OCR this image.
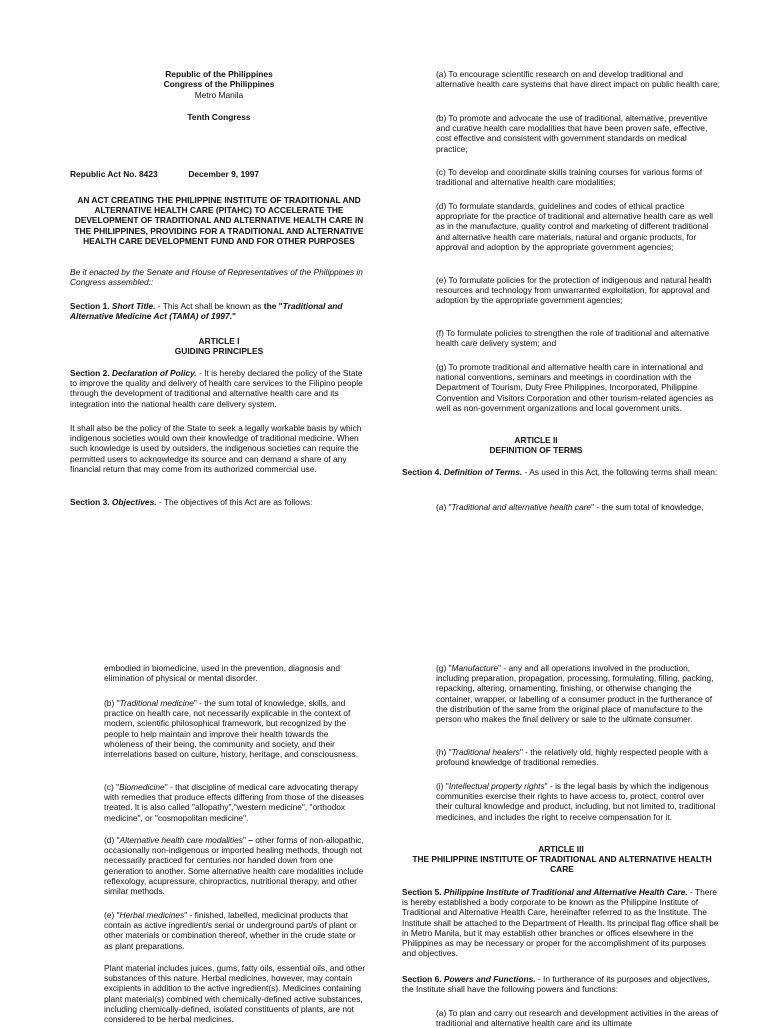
Republic of the Philippines
Congress of the Philippines
Metro Manila
Tenth Congress
Republic Act No. 8423	December 9, 1997
AN ACT CREATING THE PHILIPPINE INSTITUTE OF TRADITIONAL AND ALTERNATIVE HEALTH CARE (PITAHC) TO ACCELERATE THE DEVELOPMENT OF TRADITIONAL AND ALTERNATIVE HEALTH CARE IN THE PHILIPPINES, PROVIDING FOR A TRADITIONAL AND ALTERNATIVE HEALTH CARE DEVELOPMENT FUND AND FOR OTHER PURPOSES
Be it enacted by the Senate and House of Representatives of the Philippines in Congress assembled::
Section 1. Short Title. - This Act shall be known as the "Traditional and Alternative Medicine Act (TAMA) of 1997."
ARTICLE I
GUIDING PRINCIPLES
Section 2. Declaration of Policy. - It is hereby declared the policy of the State to improve the quality and delivery of health care services to the Filipino people through the development of traditional and alternative health care and its integration into the national health care delivery system.
It shall also be the policy of the State to seek a legally workable basis by which indigenous societies would own their knowledge of traditional medicine. When such knowledge is used by outsiders, the indigenous societies can require the permitted users to acknowledge its source and can demand a share of any financial return that may come from its authorized commercial use.
Section 3. Objectives. - The objectives of this Act are as follows:
(a) To encourage scientific research on and develop traditional and alternative health care systems that have direct impact on public health care;
(b) To promote and advocate the use of traditional, alternative, preventive and curative health care modalities that have been proven safe, effective, cost effective and consistent with government standards on medical practice;
(c) To develop and coordinate skills training courses for various forms of traditional and alternative health care modalities;
(d) To formulate standards, guidelines and codes of ethical practice appropriate for the practice of traditional and alternative health care as well as in the manufacture, quality control and marketing of different traditional and alternative health care materials, natural and organic products, for approval and adoption by the appropriate government agencies;
(e) To formulate policies for the protection of indigenous and natural health resources and technology from unwarranted exploitation, for approval and adoption by the appropriate government agencies;
(f) To formulate policies to strengthen the role of traditional and alternative health care delivery system; and
(g) To promote traditional and alternative health care in international and national conventions, seminars and meetings in coordination with the Department of Tourism, Duty Free Philippines, Incorporated, Philippine Convention and Visitors Corporation and other tourism-related agencies as well as non-government organizations and local government units.
ARTICLE II
DEFINITION OF TERMS
Section 4. Definition of Terms. - As used in this Act, the following terms shall mean:
(a) "Traditional and alternative health care" - the sum total of knowledge,
embodied in biomedicine, used in the prevention, diagnosis and elimination of physical or mental disorder.
(b) "Traditional medicine" - the sum total of knowledge, skills, and practice on health care, not necessarily explicable in the context of modern, scientific philosophical framework, but recognized by the people to help maintain and improve their health towards the wholeness of their being, the community and society, and their interrelations based on culture, history, heritage, and consciousness.
(c) "Biomedicine" - that discipline of medical care advocating therapy with remedies that produce effects differing from those of the diseases treated. It is also called "allopathy","western medicine", "orthodox medicine", or "cosmopolitan medicine".
(d) "Alternative health care modalities" – other forms of non-allopathic, occasionally non-indigenous or imported healing methods, though not necessarily practiced for centuries nor handed down from one generation to another. Some alternative health care modalities include reflexology, acupressure, chiropractics, nutritional therapy, and other similar methods.
(e) "Herbal medicines" - finished, labelled, medicinal products that contain as active ingredient/s serial or underground part/s of plant or other materials or combination thereof, whether in the crude state or as plant preparations.
Plant material includes juices, gums, fatty oils, essential oils, and other substances of this nature. Herbal medicines, however, may contain excipients in addition to the active ingredient(s). Medicines containing plant material(s) combined with chemically-defined active substances, including chemically-defined, isolated constituents of plants, are not considered to be herbal medicines.
(g) "Manufacture" - any and all operations involved in the production, including preparation, propagation, processing, formulating, filling, packing, repacking, altering, ornamenting, finishing, or otherwise changing the container, wrapper, or labelling of a consumer product in the furtherance of the distribution of the same from the original place of manufacture to the person who makes the final delivery or sale to the ultimate consumer.
(h) "Traditional healers" - the relatively old, highly respected people with a profound knowledge of traditional remedies.
(i) "Intellectual property rights" - is the legal basis by which the indigenous communities exercise their rights to have access to, protect, control over their cultural knowledge and product, including, but not limited to, traditional medicines, and includes the right to receive compensation for it.
ARTICLE III
THE PHILIPPINE INSTITUTE OF TRADITIONAL AND ALTERNATIVE HEALTH CARE
Section 5. Philippine Institute of Traditional and Alternative Health Care. - There is hereby established a body corporate to be known as the Philippine Institute of Traditional and Alternative Health Care, hereinafter referred to as the Institute. The Institute shall be attached to the Department of Health. Its principal flag office shall be in Metro Manila, but it may establish other branches or offices elsewhere in the Philippines as may be necessary or proper for the accomplishment of its purposes and objectives.
Section 6. Powers and Functions. - In furtherance of its purposes and objectives, the Institute shall have the following powers and functions:
(a) To plan and carry out research and development activities in the areas of traditional and alternative health care and its ultimate
